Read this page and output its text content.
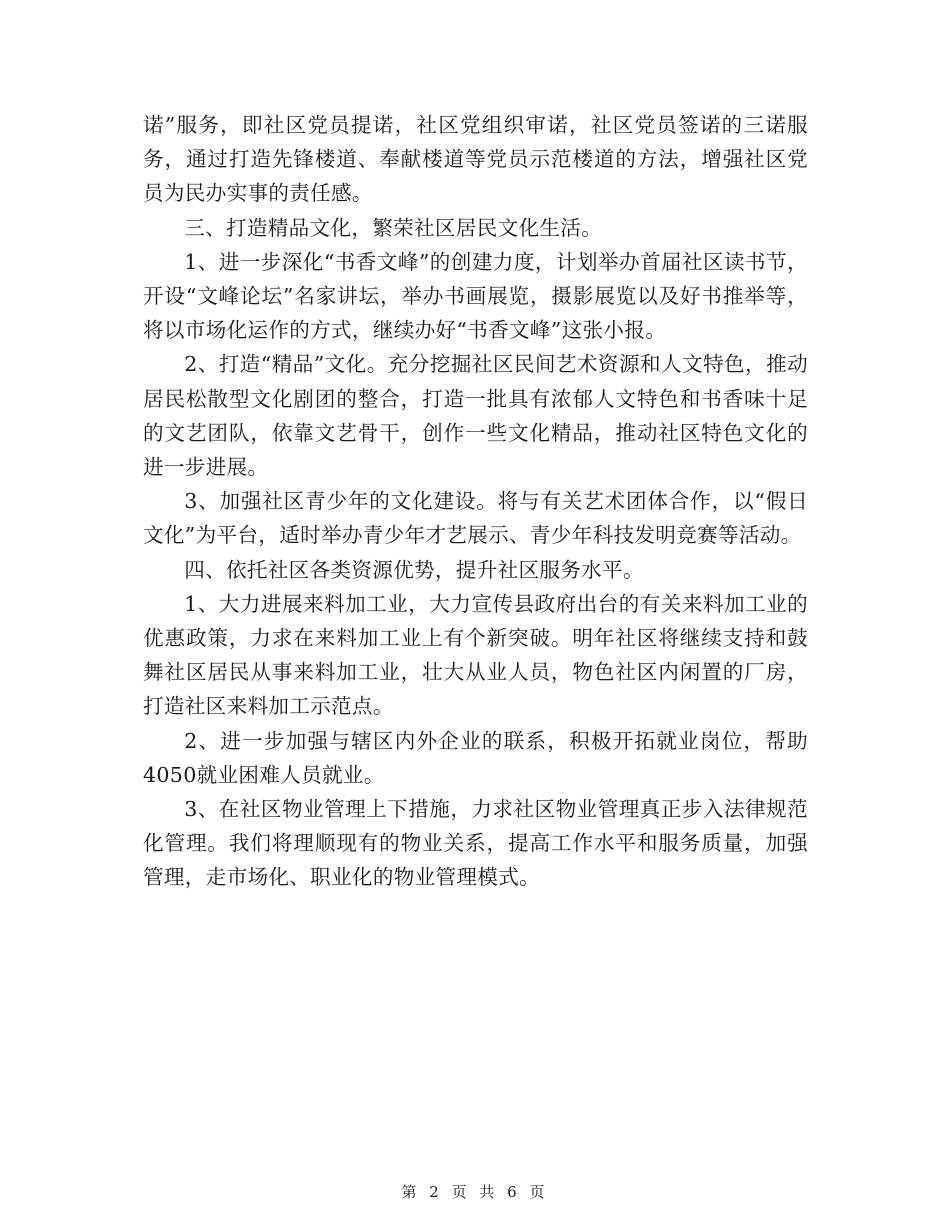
诺”服务，即社区党员提诺，社区党组织审诺，社区党员签诺的三诺服务，通过打造先锋楼道、奉献楼道等党员示范楼道的方法，增强社区党员为民办实事的责任感。

三、打造精品文化，繁荣社区居民文化生活。

1、进一步深化“书香文峰”的创建力度，计划举办首届社区读书节，开设“文峰论坛”名家讲坛，举办书画展览，摄影展览以及好书推举等，将以市场化运作的方式，继续办好“书香文峰”这张小报。

2、打造“精品”文化。充分挖掘社区民间艺术资源和人文特色，推动居民松散型文化剧团的整合，打造一批具有浓郁人文特色和书香味十足的文艺团队，依靠文艺骨干，创作一些文化精品，推动社区特色文化的进一步进展。

3、加强社区青少年的文化建设。将与有关艺术团体合作，以“假日文化”为平台，适时举办青少年才艺展示、青少年科技发明竞赛等活动。

四、依托社区各类资源优势，提升社区服务水平。

1、大力进展来料加工业，大力宣传县政府出台的有关来料加工业的优惠政策，力求在来料加工业上有个新突破。明年社区将继续支持和鼓舞社区居民从事来料加工业，壮大从业人员，物色社区内闲置的厂房，打造社区来料加工示范点。

2、进一步加强与辖区内外企业的联系，积极开拓就业岗位，帮助4050就业困难人员就业。

3、在社区物业管理上下措施，力求社区物业管理真正步入法律规范化管理。我们将理顺现有的物业关系，提高工作水平和服务质量，加强管理，走市场化、职业化的物业管理模式。

第 2 页 共 6 页
